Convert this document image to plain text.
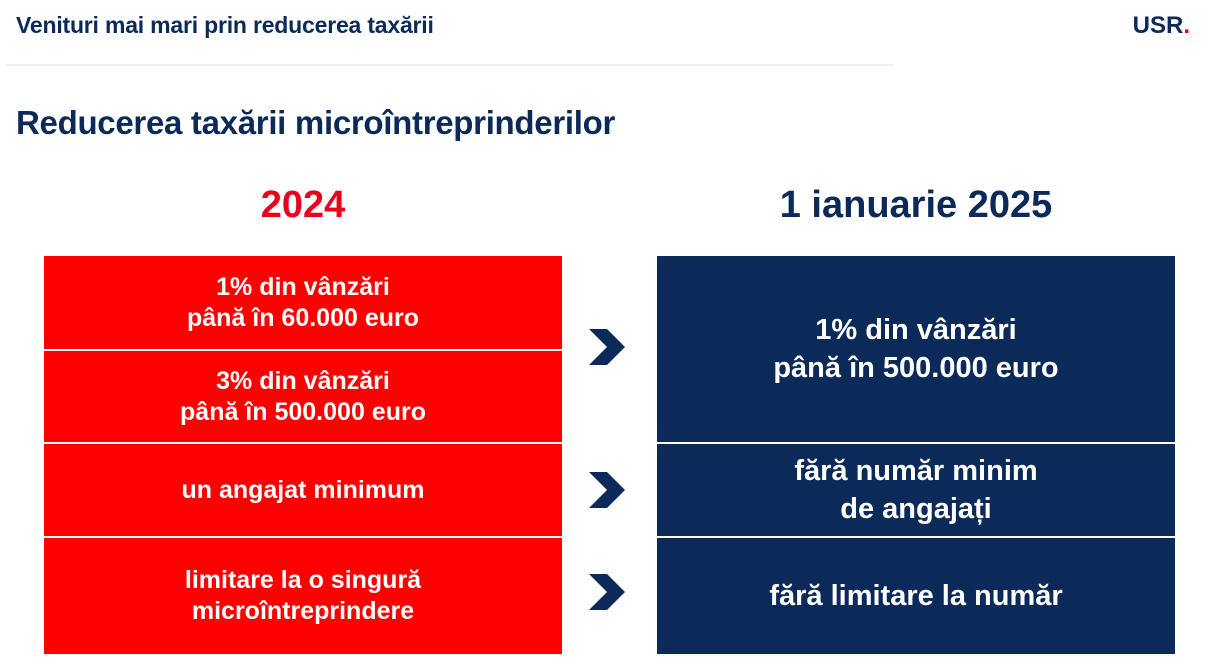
Venituri mai mari prin reducerea taxării	USR.
Reducerea taxării microîntreprinderilor
2024	1 ianuarie 2025
1% din vânzări
până în 60.000 euro
3% din vânzări
până în 500.000 euro
un angajat minimum
limitare la o singură
microîntreprindere
1% din vânzări
până în 500.000 euro
fără număr minim
de angajați
fără limitare la număr
